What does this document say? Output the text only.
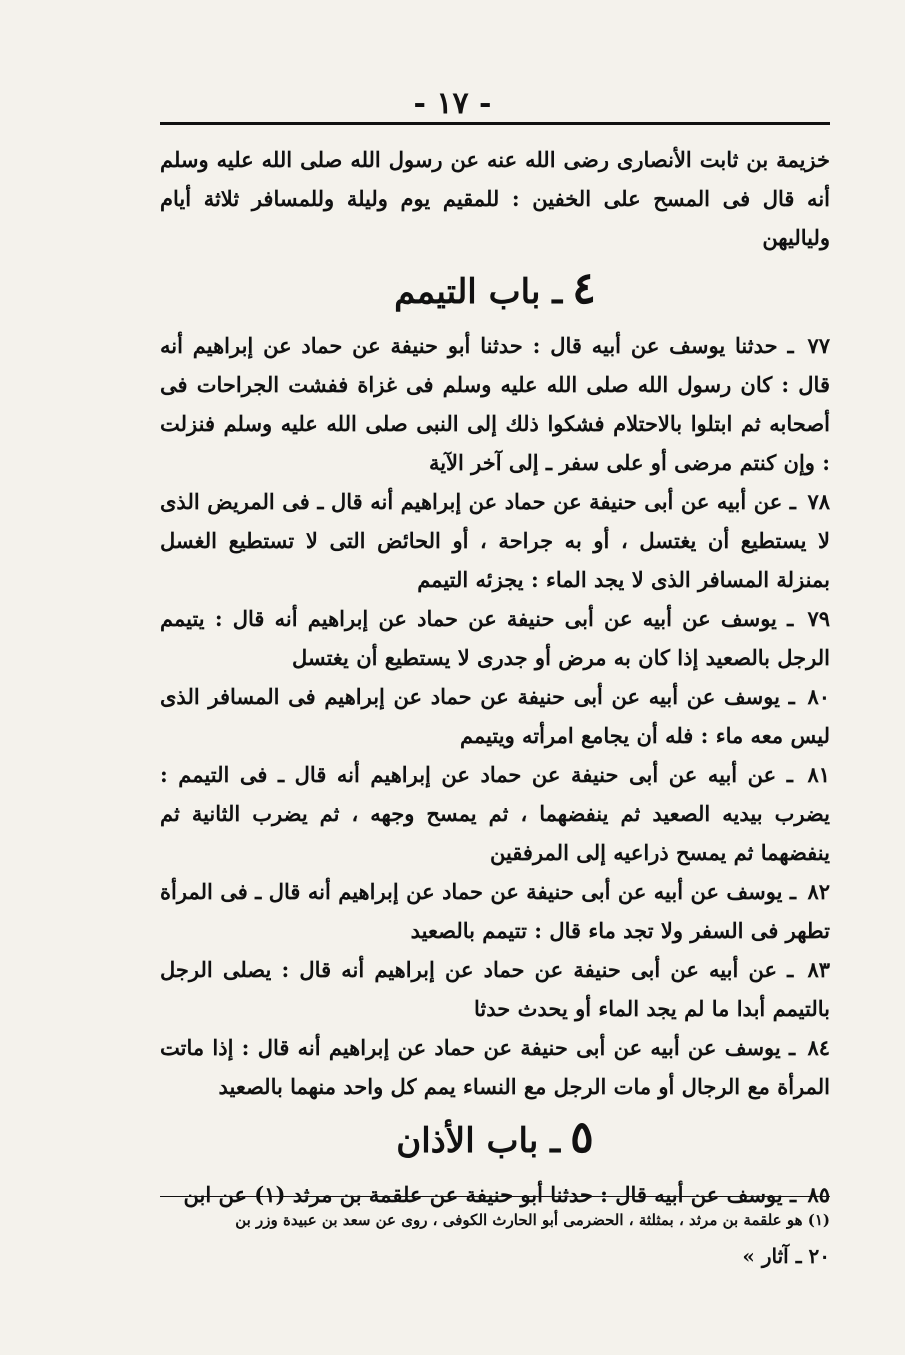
- ١٧ -

خزيمة بن ثابت الأنصارى رضى الله عنه عن رسول الله صلى الله عليه وسلم أنه قال فى المسح على الخفين : للمقيم يوم وليلة وللمسافر ثلاثة أيام ولياليهن

٤ـ باب التيمم

٧٧ ـ حدثنا يوسف عن أبيه قال : حدثنا أبو حنيفة عن حماد عن إبراهيم أنه قال : كان رسول الله صلى الله عليه وسلم فى غزاة ففشت الجراحات فى أصحابه ثم ابتلوا بالاحتلام فشكوا ذلك إلى النبى صلى الله عليه وسلم فنزلت : وإن كنتم مرضى أو على سفر ـ إلى آخر الآية

٧٨ ـ عن أبيه عن أبى حنيفة عن حماد عن إبراهيم أنه قال ـ فى المريض الذى لا يستطيع أن يغتسل ، أو به جراحة ، أو الحائض التى لا تستطيع الغسل بمنزلة المسافر الذى لا يجد الماء : يجزئه التيمم

٧٩ ـ يوسف عن أبيه عن أبى حنيفة عن حماد عن إبراهيم أنه قال : يتيمم الرجل بالصعيد إذا كان به مرض أو جدرى لا يستطيع أن يغتسل

٨٠ ـ يوسف عن أبيه عن أبى حنيفة عن حماد عن إبراهيم فى المسافر الذى ليس معه ماء : فله أن يجامع امرأته ويتيمم

٨١ ـ عن أبيه عن أبى حنيفة عن حماد عن إبراهيم أنه قال ـ فى التيمم : يضرب بيديه الصعيد ثم ينفضهما ، ثم يمسح وجهه ، ثم يضرب الثانية ثم ينفضهما ثم يمسح ذراعيه إلى المرفقين

٨٢ ـ يوسف عن أبيه عن أبى حنيفة عن حماد عن إبراهيم أنه قال ـ فى المرأة تطهر فى السفر ولا تجد ماء قال : تتيمم بالصعيد

٨٣ ـ عن أبيه عن أبى حنيفة عن حماد عن إبراهيم أنه قال : يصلى الرجل بالتيمم أبدا ما لم يجد الماء أو يحدث حدثا

٨٤ ـ يوسف عن أبيه عن أبى حنيفة عن حماد عن إبراهيم أنه قال : إذا ماتت المرأة مع الرجال أو مات الرجل مع النساء يمم كل واحد منهما بالصعيد

٥ـ باب الأذان

٨٥ ـ يوسف عن أبيه قال : حدثنا أبو حنيفة عن علقمة بن مرثد (١) عن ابن

(١) هو علقمة بن مرثد ، بمثلثة ، الحضرمى أبو الحارث الكوفى ، روى عن سعد بن عبيدة وزر بن
٢٠ ـ آثار »
